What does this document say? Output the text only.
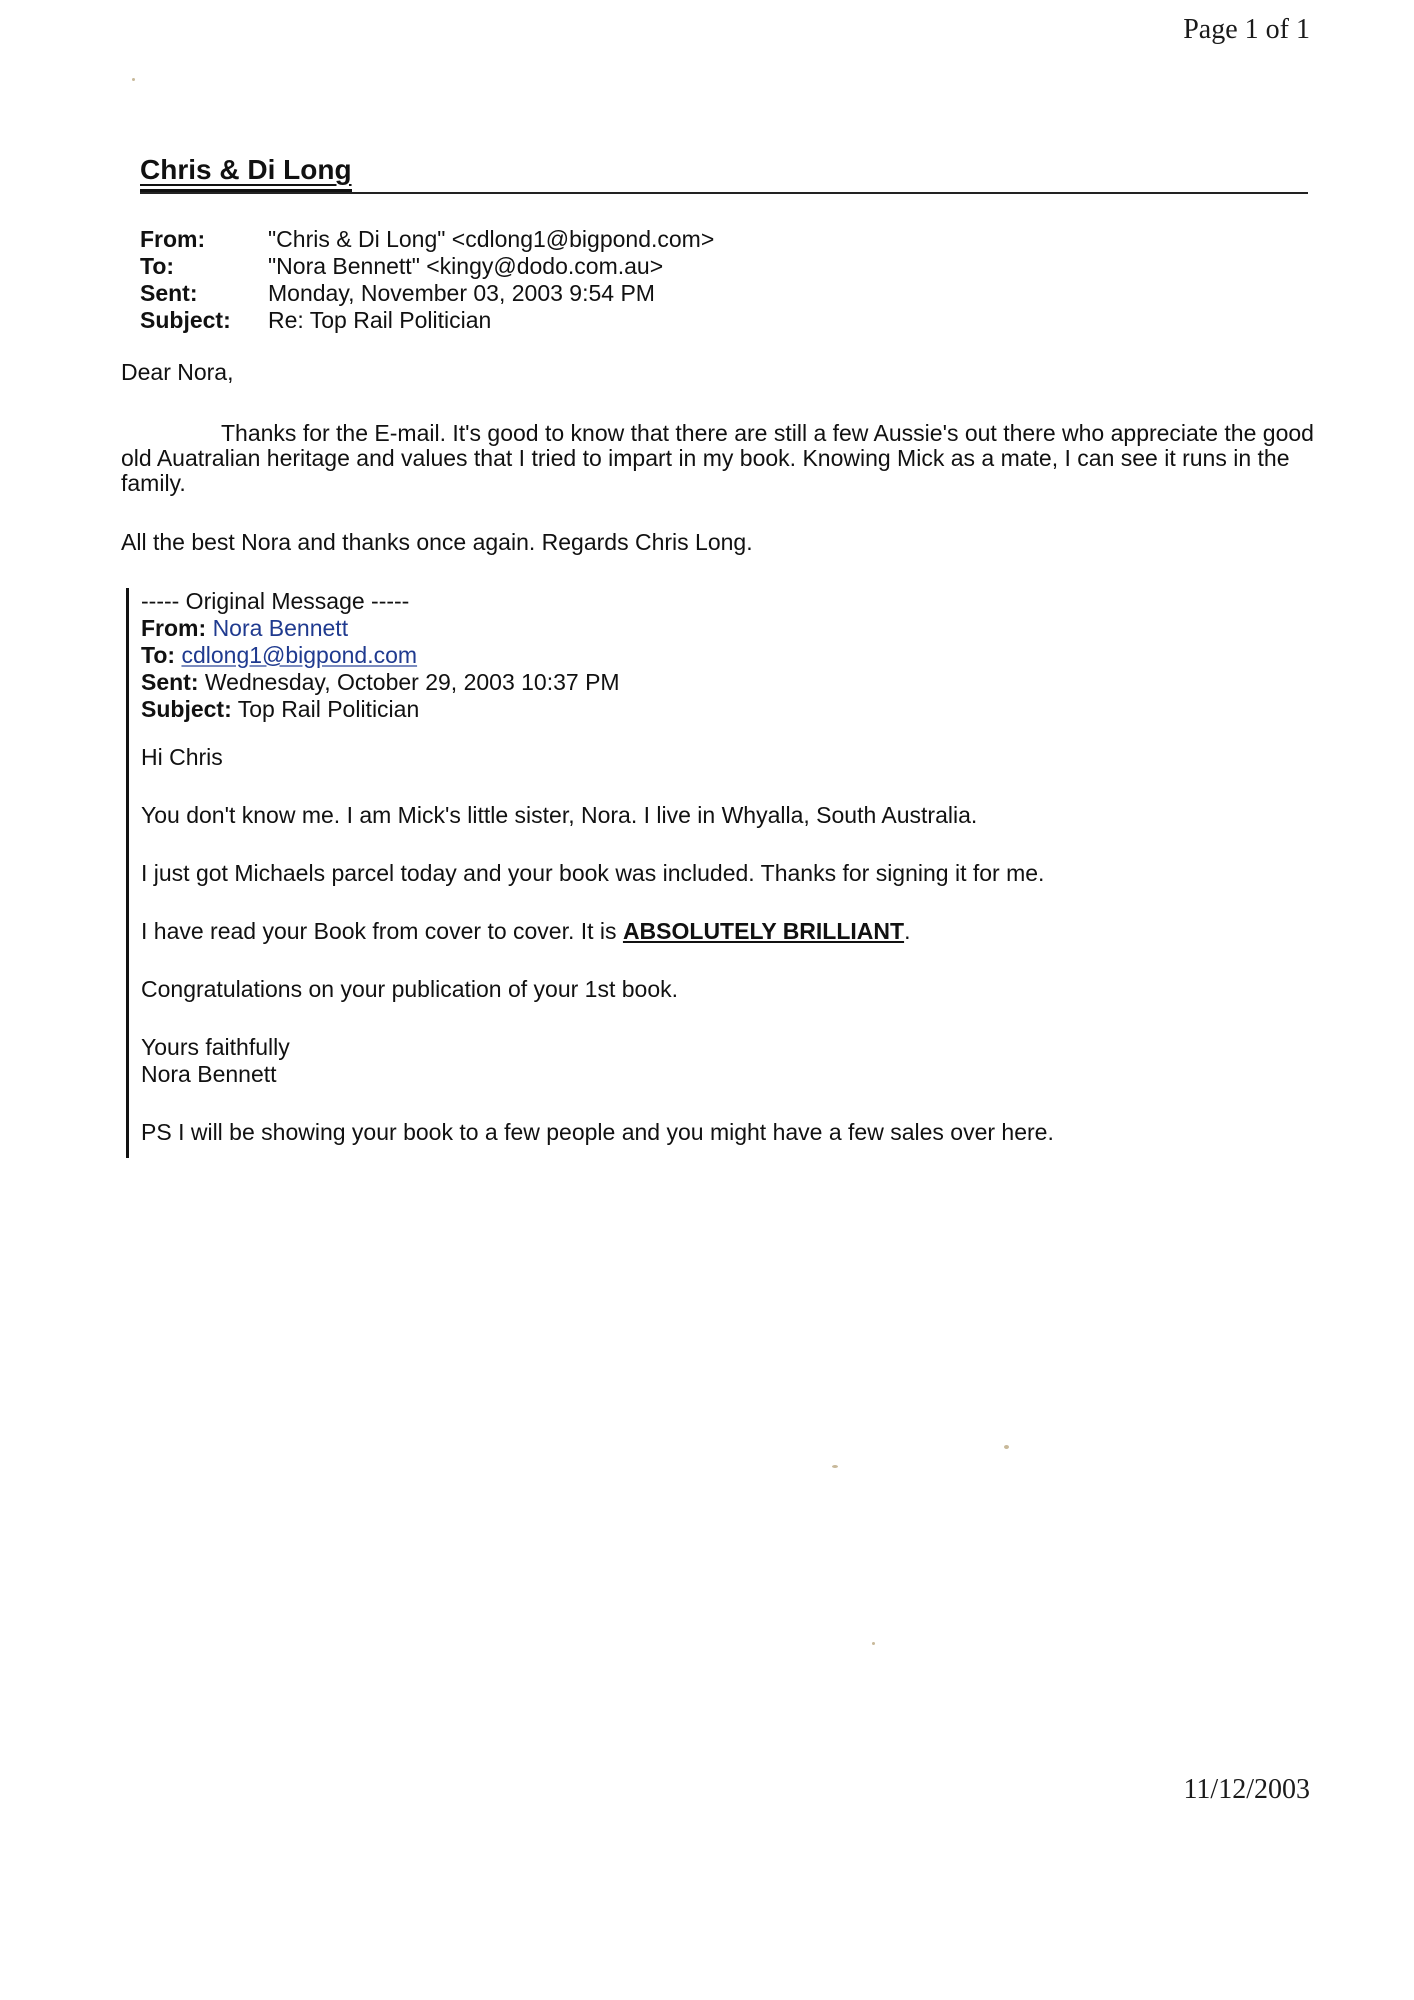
Page 1 of 1
Chris & Di Long
From:	"Chris & Di Long" <cdlong1@bigpond.com>
To:	"Nora Bennett" <kingy@dodo.com.au>
Sent:	Monday, November 03, 2003 9:54 PM
Subject:	Re: Top Rail Politician
Dear Nora,
Thanks for the E-mail. It's good to know that there are still a few Aussie's out there who appreciate the good old Auatralian heritage and values that I tried to impart in my book. Knowing Mick as a mate, I can see it runs in the family.
All the best Nora and thanks once again. Regards Chris Long.
----- Original Message -----
From: Nora Bennett
To: cdlong1@bigpond.com
Sent: Wednesday, October 29, 2003 10:37 PM
Subject: Top Rail Politician

Hi Chris

You don't know me. I am Mick's little sister, Nora. I live in Whyalla, South Australia.

I just got Michaels parcel today and your book was included. Thanks for signing it for me.

I have read your Book from cover to cover. It is ABSOLUTELY BRILLIANT.

Congratulations on your publication of your 1st book.

Yours faithfully

Nora Bennett

PS I will be showing your book to a few people and you might have a few sales over here.

11/12/2003
